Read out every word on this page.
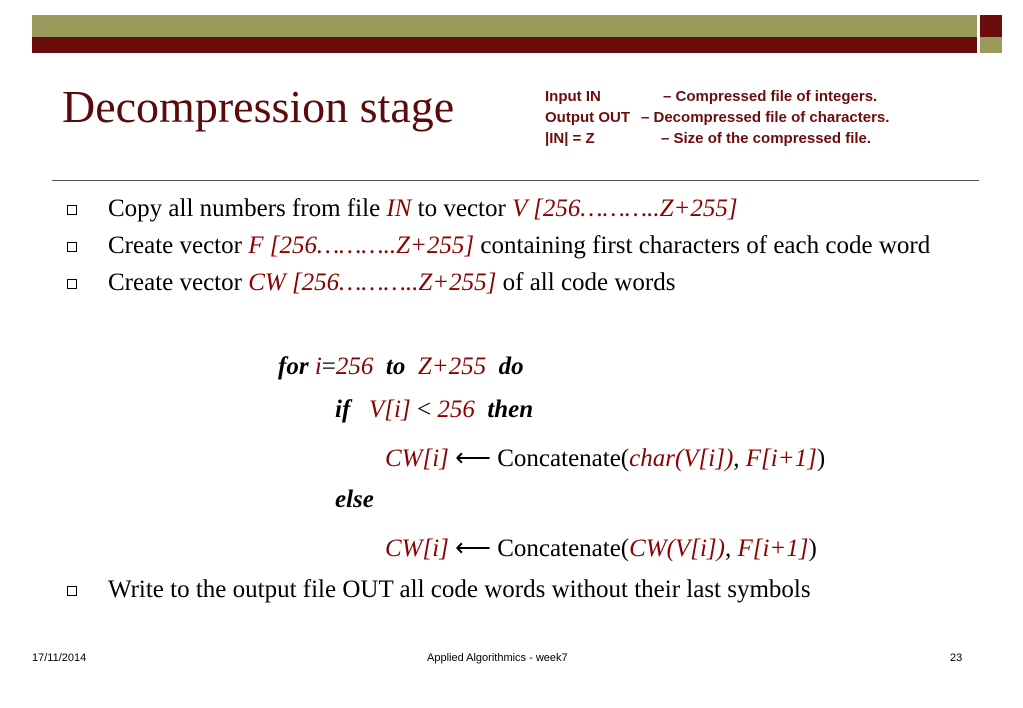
Decompression stage	Input IN	– Compressed file of integers.
Output OUT – Decompressed file of characters.
|IN| = Z	– Size of the compressed file.

Copy all numbers from file IN to vector V [256………..Z+255]

Create vector F [256………..Z+255] containing first characters of each code word

Create vector CW [256………..Z+255] of all code words

for i=256 to Z+255 do
if V[i] < 256 then
CW[i] ⟵ Concatenate(char(V[i]), F[i+1])
else
CW[i] ⟵ Concatenate(CW(V[i]), F[i+1])

Write to the output file OUT all code words without their last symbols

17/11/2014	Applied Algorithmics - week7	23
